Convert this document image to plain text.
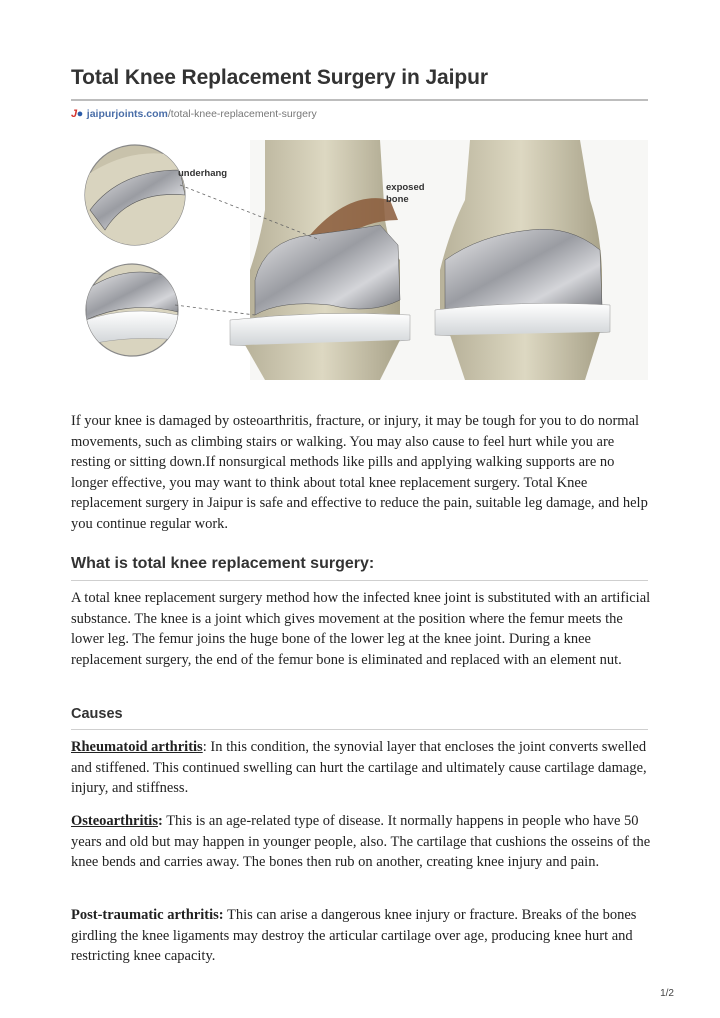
Total Knee Replacement Surgery in Jaipur
J● jaipurjoints.com /total-knee-replacement-surgery
underhang
exposed
bone

If your knee is damaged by osteoarthritis, fracture, or injury, it may be tough for you to do normal movements, such as climbing stairs or walking. You may also cause to feel hurt while you are resting or sitting down.If nonsurgical methods like pills and applying walking supports are no longer effective, you may want to think about total knee replacement surgery. Total Knee replacement surgery in Jaipur is safe and effective to reduce the pain, suitable leg damage, and help you continue regular work.

What is total knee replacement surgery:

A total knee replacement surgery method how the infected knee joint is substituted with an artificial substance. The knee is a joint which gives movement at the position where the femur meets the lower leg. The femur joins the huge bone of the lower leg at the knee joint. During a knee replacement surgery, the end of the femur bone is eliminated and replaced with an element nut.

Causes

Rheumatoid arthritis: In this condition, the synovial layer that encloses the joint converts swelled and stiffened. This continued swelling can hurt the cartilage and ultimately cause cartilage damage, injury, and stiffness.

Osteoarthritis: This is an age-related type of disease. It normally happens in people who have 50 years and old but may happen in younger people, also. The cartilage that cushions the osseins of the knee bends and carries away. The bones then rub on another, creating knee injury and pain.

Post-traumatic arthritis: This can arise a dangerous knee injury or fracture. Breaks of the bones girdling the knee ligaments may destroy the articular cartilage over age, producing knee hurt and restricting knee capacity.

1/2
